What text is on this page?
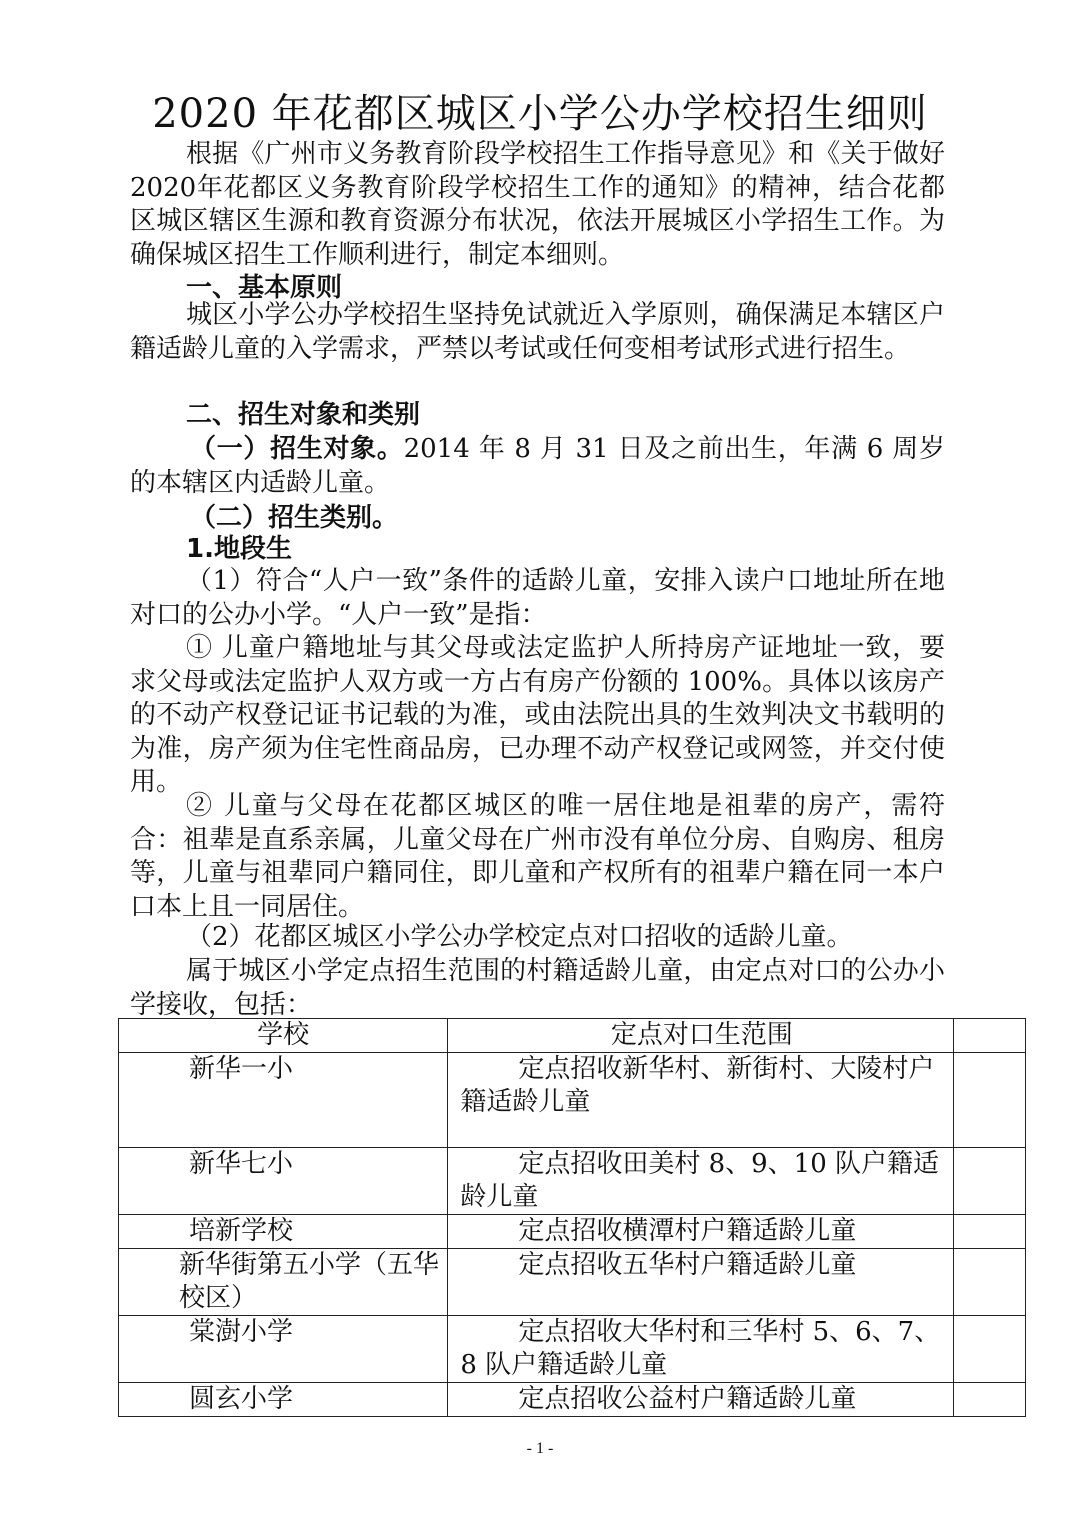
2020 年花都区城区小学公办学校招生细则
根据《广州市义务教育阶段学校招生工作指导意见》和《关于做好2020年花都区义务教育阶段学校招生工作的通知》的精神，结合花都区城区辖区生源和教育资源分布状况，依法开展城区小学招生工作。为确保城区招生工作顺利进行，制定本细则。
一、基本原则
城区小学公办学校招生坚持免试就近入学原则，确保满足本辖区户籍适龄儿童的入学需求，严禁以考试或任何变相考试形式进行招生。
二、招生对象和类别
（一）招生对象。2014 年 8 月 31 日及之前出生，年满 6 周岁的本辖区内适龄儿童。
（二）招生类别。
1.地段生
（1）符合“人户一致”条件的适龄儿童，安排入读户口地址所在地对口的公办小学。“人户一致”是指：
① 儿童户籍地址与其父母或法定监护人所持房产证地址一致，要求父母或法定监护人双方或一方占有房产份额的 100%。具体以该房产的不动产权登记证书记载的为准，或由法院出具的生效判决文书载明的为准，房产须为住宅性商品房，已办理不动产权登记或网签，并交付使用。
② 儿童与父母在花都区城区的唯一居住地是祖辈的房产，需符合：祖辈是直系亲属，儿童父母在广州市没有单位分房、自购房、租房等，儿童与祖辈同户籍同住，即儿童和产权所有的祖辈户籍在同一本户口本上且一同居住。
（2）花都区城区小学公办学校定点对口招收的适龄儿童。
属于城区小学定点招生范围的村籍适龄儿童，由定点对口的公办小学接收，包括：
学校	定点对口生范围	
新华一小	定点招收新华村、新街村、大陵村户籍适龄儿童	
新华七小	定点招收田美村 8、9、10 队户籍适龄儿童	
培新学校	定点招收横潭村户籍适龄儿童	
新华街第五小学（五华校区）	定点招收五华村户籍适龄儿童	
棠澍小学	定点招收大华村和三华村 5、6、7、8 队户籍适龄儿童	
圆玄小学	定点招收公益村户籍适龄儿童	
- 1 -
